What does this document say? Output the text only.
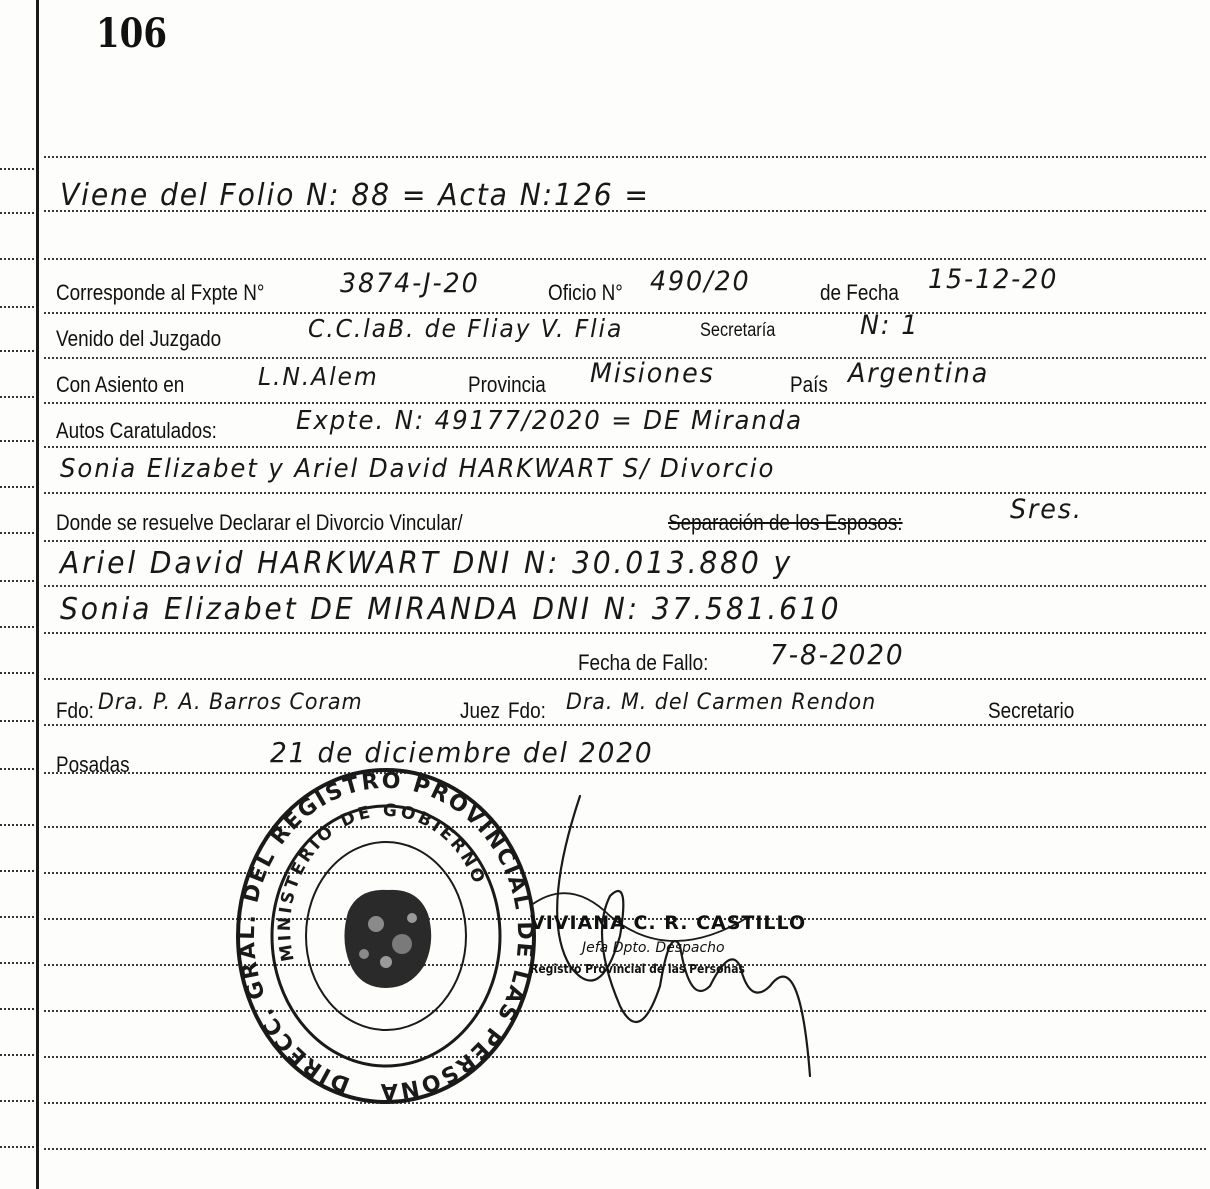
106
Viene del Folio N: 88 = Acta N:126 =
Corresponde al Fxpte N°	3874-J-20	Oficio N°	490/20	de Fecha	15-12-20
Venido del Juzgado	C.C.laB. de Fliay V. Flia	Secretaría	N: 1
Con Asiento en	L.N.Alem	Provincia	Misiones	País Argentina
Autos Caratulados:	Expte. N: 49177/2020 = DE Miranda
Sonia Elizabet y Ariel David HARKWART S/ Divorcio
Donde se resuelve Declarar el Divorcio Vincular/	Separación de los Esposos:	Sres.
Ariel David HARKWART DNI N: 30.013.880 y
Sonia Elizabet DE MIRANDA DNI N: 37.581.610
Fecha de Fallo:	7-8-2020
Fdo: Dra. P. A. Barros Coram	Juez Fdo: Dra. M. del Carmen Rendon	Secretario
Posadas	21 de diciembre del 2020
DIRECC. GRAL. DEL REGISTRO PROVINCIAL DE LAS PERSONAS
MINISTERIO DE GOBIERNO
VIVIANA C. R. CASTILLO
Jefa Dpto. Despacho
Registro Provincial de las Personas
